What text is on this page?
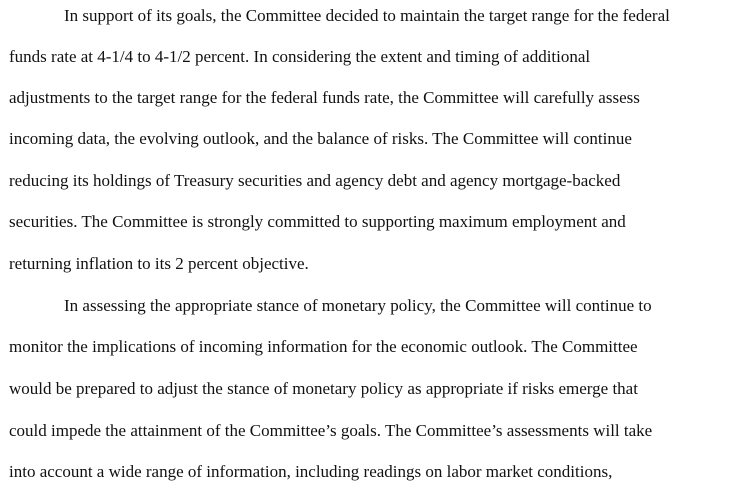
In support of its goals, the Committee decided to maintain the target range for the federal
funds rate at 4-1/4 to 4-1/2 percent. In considering the extent and timing of additional
adjustments to the target range for the federal funds rate, the Committee will carefully assess
incoming data, the evolving outlook, and the balance of risks. The Committee will continue
reducing its holdings of Treasury securities and agency debt and agency mortgage-backed
securities. The Committee is strongly committed to supporting maximum employment and
returning inflation to its 2 percent objective.
In assessing the appropriate stance of monetary policy, the Committee will continue to
monitor the implications of incoming information for the economic outlook. The Committee
would be prepared to adjust the stance of monetary policy as appropriate if risks emerge that
could impede the attainment of the Committee’s goals. The Committee’s assessments will take
into account a wide range of information, including readings on labor market conditions,
